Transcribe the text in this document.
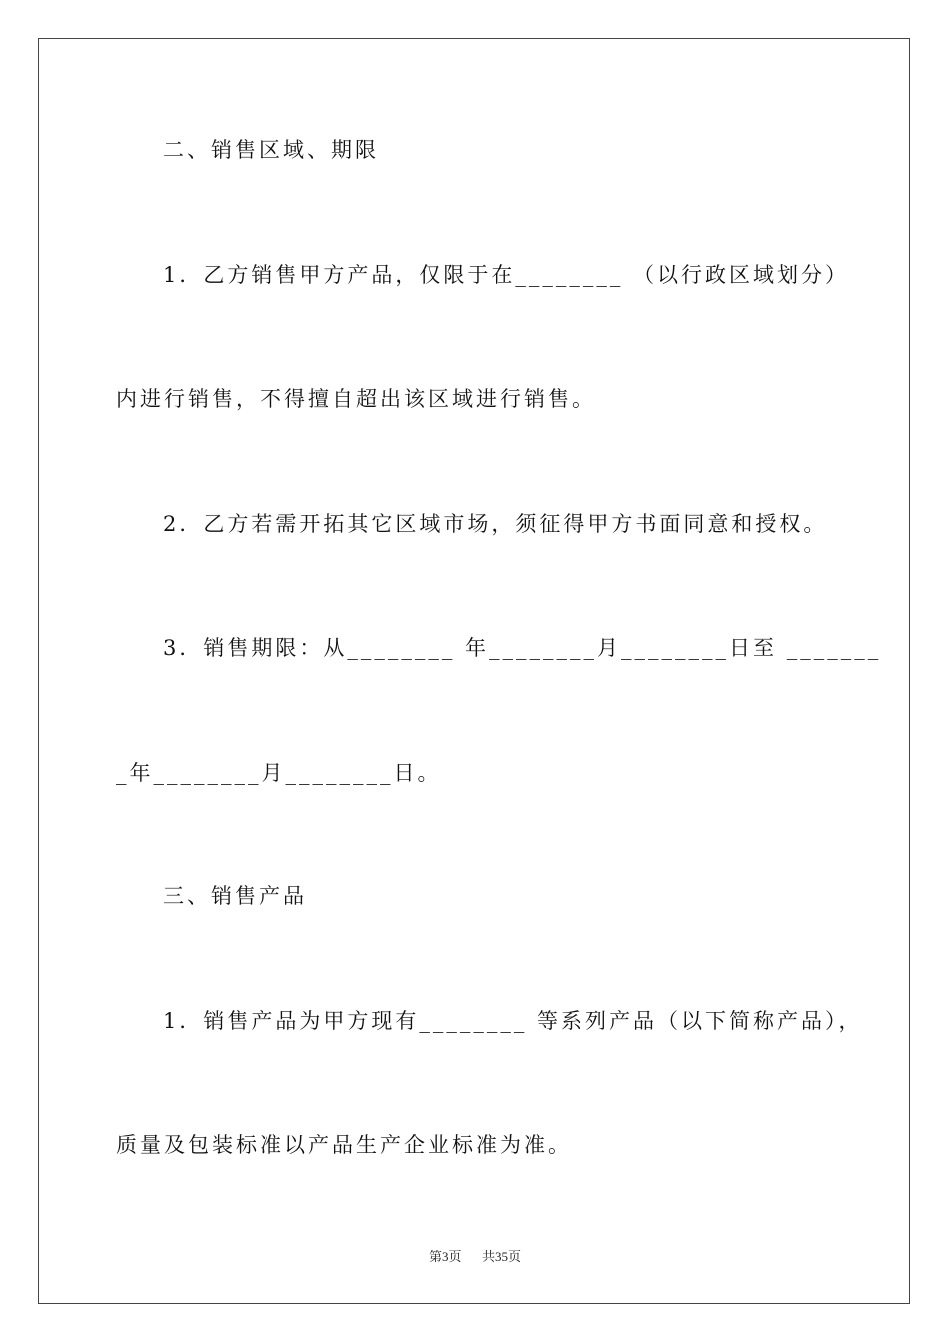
二、销售区域、期限
1．乙方销售甲方产品，仅限于在________ （以行政区域划分）
内进行销售，不得擅自超出该区域进行销售。
2．乙方若需开拓其它区域市场，须征得甲方书面同意和授权。
3．销售期限：从________ 年________月________日至 _______
_年________月________日。
三、销售产品
1．销售产品为甲方现有________ 等系列产品（以下简称产品），
质量及包装标准以产品生产企业标准为准。
第3页 共35页
